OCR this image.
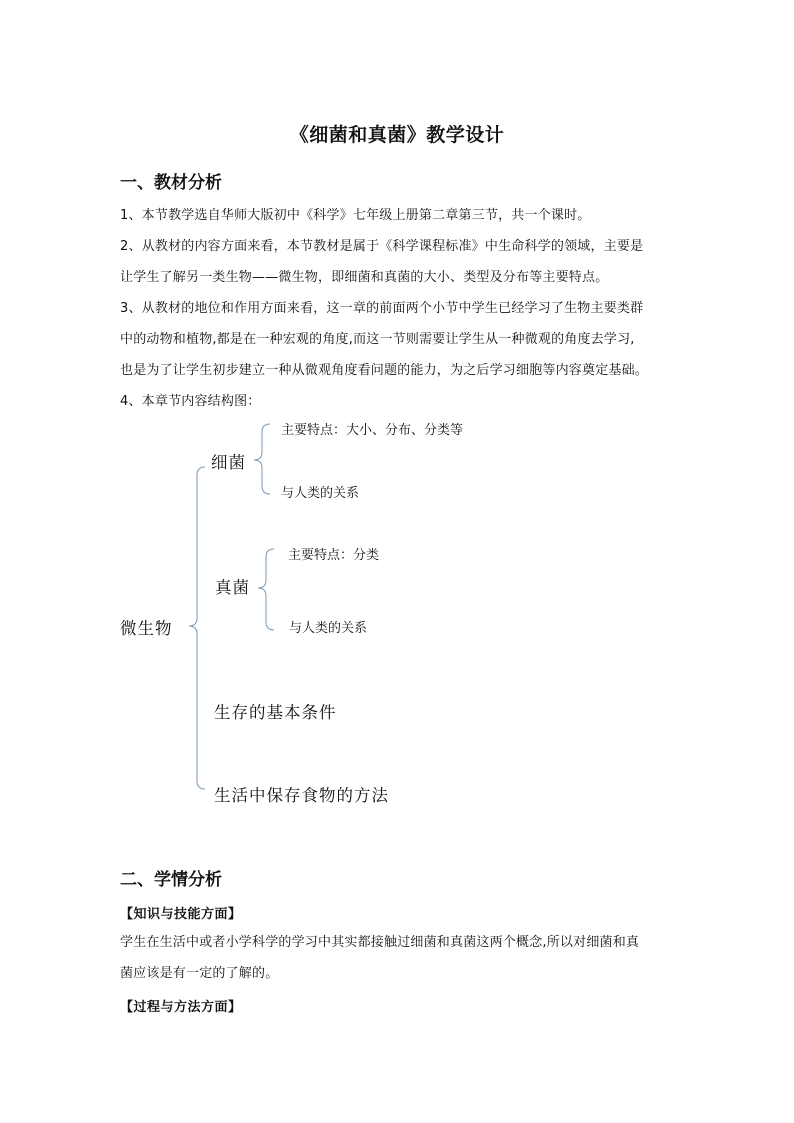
《细菌和真菌》教学设计
一、教材分析

1、本节教学选自华师大版初中《科学》七年级上册第二章第三节，共一个课时。

2、从教材的内容方面来看，本节教材是属于《科学课程标准》中生命科学的领域，主要是

让学生了解另一类生物——微生物，即细菌和真菌的大小、类型及分布等主要特点。

3、从教材的地位和作用方面来看，这一章的前面两个小节中学生已经学习了生物主要类群

中的动物和植物,都是在一种宏观的角度,而这一节则需要让学生从一种微观的角度去学习,

也是为了让学生初步建立一种从微观角度看问题的能力，为之后学习细胞等内容奠定基础。

4、本章节内容结构图：

主要特点：大小、分布、分类等
细菌
与人类的关系
主要特点：分类
真菌
与人类的关系
微生物
生存的基本条件
生活中保存食物的方法
二、学情分析
【知识与技能方面】

学生在生活中或者小学科学的学习中其实都接触过细菌和真菌这两个概念,所以对细菌和真

菌应该是有一定的了解的。

【过程与方法方面】
